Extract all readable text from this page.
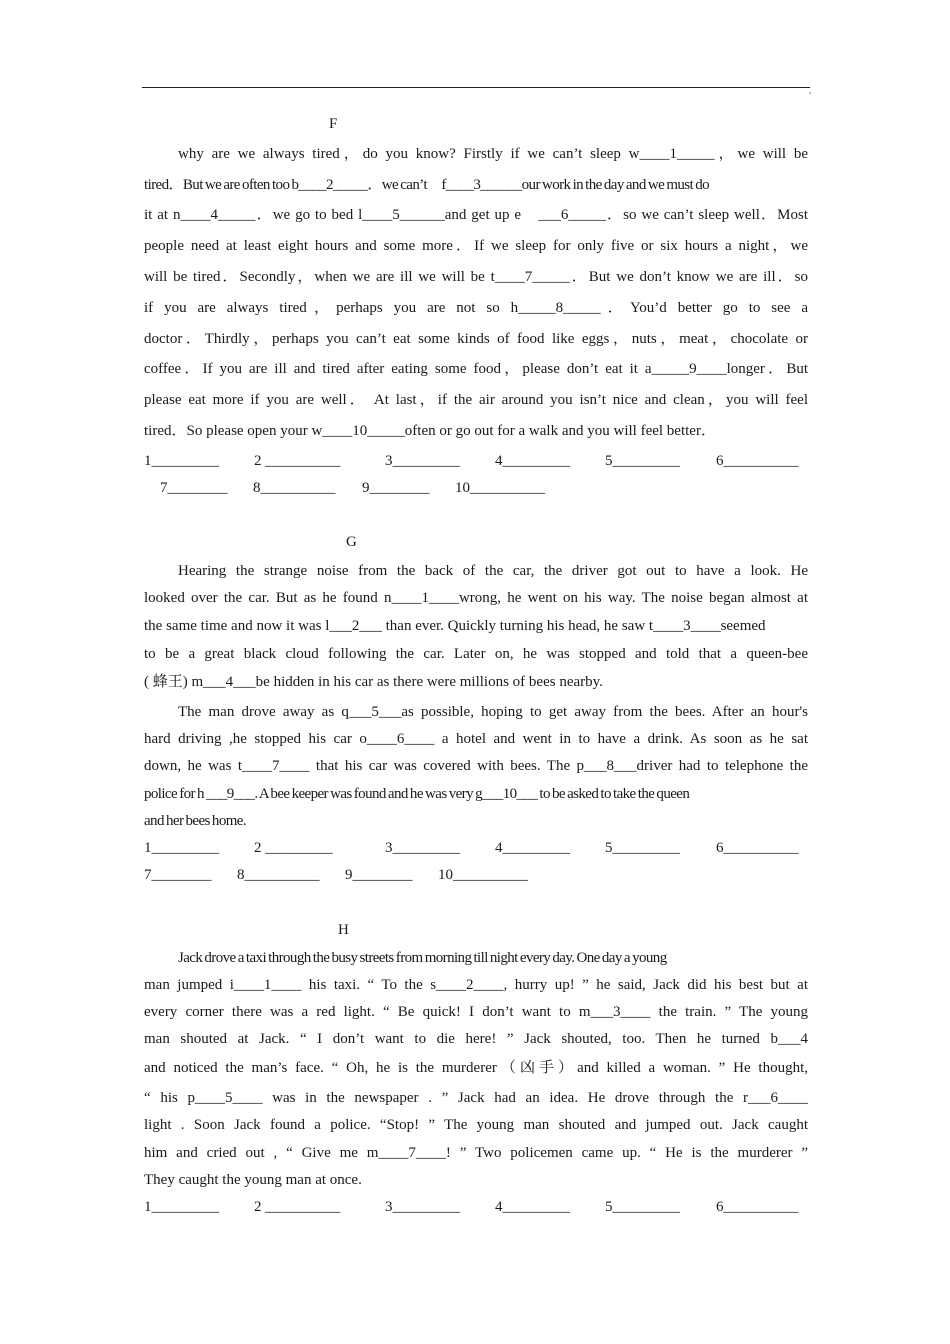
,
F
why are we always tired，do you know? Firstly if we can’t sleep w____1_____，we will be
tired．But we are often too b____2_____．we can’t　f____3______our work in the day and we must do
it at n____4_____．we go to bed l____5______and get up e　___6_____．so we can’t sleep well．Most
people need at least eight hours and some more．If we sleep for only five or six hours a night，we
will be tired．Secondly，when we are ill we will be t____7_____．But we don’t know we are ill．so
if you are always tired，perhaps you are not so h_____8_____．You’d better go to see a
doctor．Thirdly，perhaps you can’t eat some kinds of food like eggs，nuts，meat，chocolate or
coffee．If you are ill and tired after eating some food，please don’t eat it a_____9____longer．But
please eat more if you are well． At last，if the air around you isn’t nice and clean，you will feel
tired．So please open your w____10_____often or go out for a walk and you will feel better．
1_________ 2 __________	3_________ 4_________ 5_________ 6__________
7________ 8__________ 9________ 10__________
G
Hearing the strange noise from the back of the car, the driver got out to have a look. He
looked over the car. But as he found n____1____wrong, he went on his way. The noise began almost at
the same time and now it was l___2___ than ever. Quickly turning his head, he saw t____3____seemed
to be a great black cloud following the car. Later on, he was stopped and told that a queen-bee
( 蜂王) m___4___be hidden in his car as there were millions of bees nearby.
The man drove away as q___5___as possible, hoping to get away from the bees. After an hour's
hard driving ,he stopped his car o____6____ a hotel and went in to have a drink. As soon as he sat
down, he was t____7____ that his car was covered with bees. The p___8___driver had to telephone the
police for h ___9___. A bee keeper was found and he was very g___10___ to be asked to take the queen
and her bees home.
1_________ 2 _________	3_________ 4_________ 5_________ 6__________
7________ 8__________ 9________ 10__________
H
Jack drove a taxi through the busy streets from morning till night every day. One day a young
man jumped i____1____ his taxi. “ To the s____2____, hurry up! ” he said, Jack did his best but at
every corner there was a red light. “ Be quick! I don’t want to m___3____ the train. ” The young
man shouted at Jack. “ I don’t want to die here! ” Jack shouted, too. Then he turned b___4
and noticed the man’s face. “ Oh, he is the murderer（凶手）and killed a woman. ” He thought,
“ his p____5____ was in the newspaper . ” Jack had an idea. He drove through the r___6____
light . Soon Jack found a police. “Stop! ” The young man shouted and jumped out. Jack caught
him and cried out , “ Give me m____7____! ” Two policemen came up. “ He is the murderer ”
They caught the young man at once.
1_________ 2 __________	3_________ 4_________ 5_________ 6__________
